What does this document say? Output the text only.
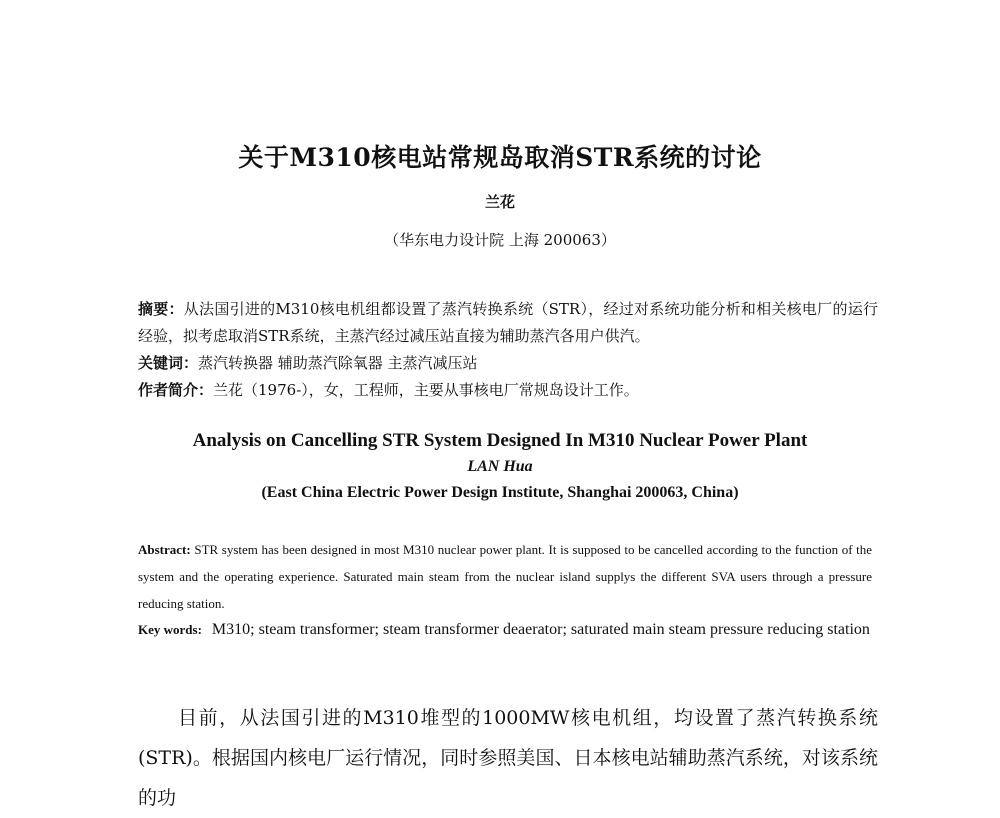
关于M310核电站常规岛取消STR系统的讨论
兰花
（华东电力设计院 上海 200063）
摘要：从法国引进的M310核电机组都设置了蒸汽转换系统（STR），经过对系统功能分析和相关核电厂的运行经验，拟考虑取消STR系统，主蒸汽经过减压站直接为辅助蒸汽各用户供汽。
关键词：蒸汽转换器 辅助蒸汽除氧器 主蒸汽减压站
作者简介：兰花（1976-），女，工程师，主要从事核电厂常规岛设计工作。
Analysis on Cancelling STR System Designed In M310 Nuclear Power Plant
LAN Hua
(East China Electric Power Design Institute, Shanghai 200063, China)
Abstract: STR system has been designed in most M310 nuclear power plant. It is supposed to be cancelled according to the function of the system and the operating experience. Saturated main steam from the nuclear island supplys the different SVA users through a pressure reducing station.
Key words: M310; steam transformer; steam transformer deaerator; saturated main steam pressure reducing station
目前，从法国引进的M310堆型的1000MW核电机组，均设置了蒸汽转换系统(STR)。根据国内核电厂运行情况，同时参照美国、日本核电站辅助蒸汽系统，对该系统的功
